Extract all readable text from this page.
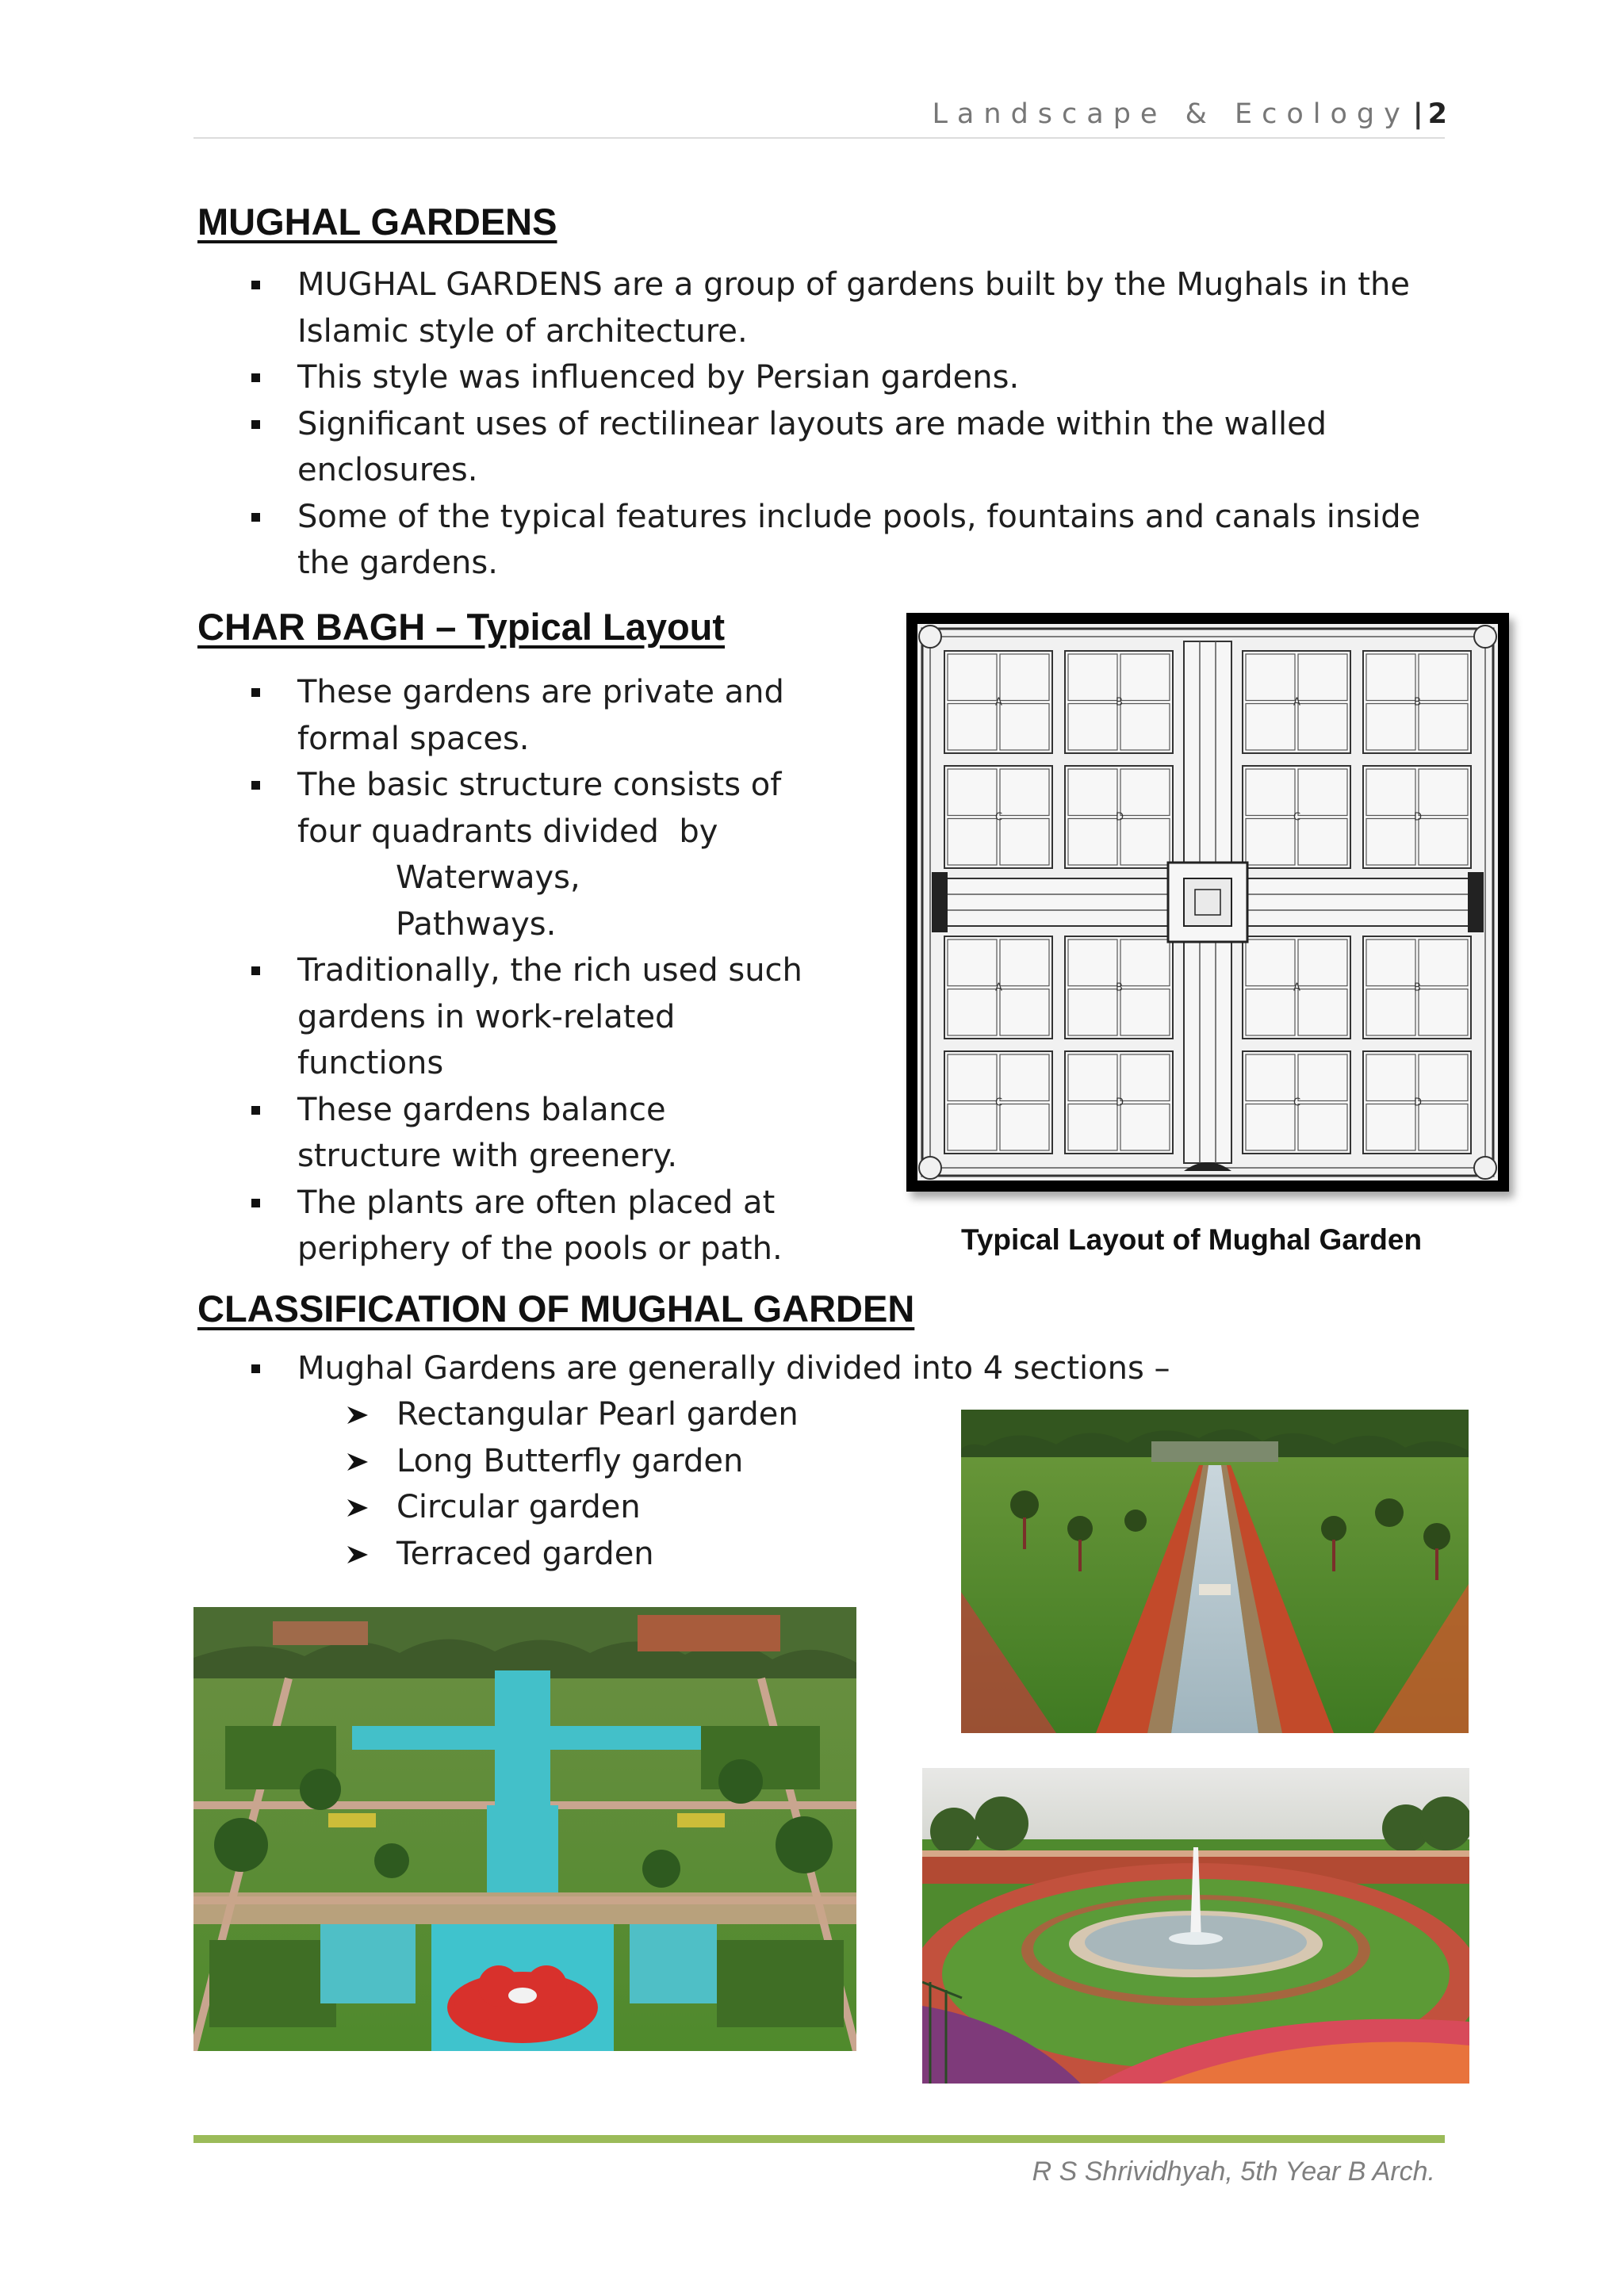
Landscape & Ecology | 2
MUGHAL GARDENS
MUGHAL GARDENS are a group of gardens built by the Mughals in the Islamic style of architecture.
This style was influenced by Persian gardens.
Significant uses of rectilinear layouts are made within the walled enclosures.
Some of the typical features include pools, fountains and canals inside the gardens.
CHAR BAGH – Typical Layout
These gardens are private and
formal spaces.
The basic structure consists of
four quadrants divided  by
Waterways,
Pathways.
Traditionally, the rich used such
gardens in work-related
functions
These gardens balance
structure with greenery.
The plants are often placed at
periphery of the pools or path.
A
C
B
D
A
C
B
D
A
C
B
D
A
C
B
D
Typical Layout of Mughal Garden
CLASSIFICATION OF MUGHAL GARDEN
Mughal Gardens are generally divided into 4 sections –
Rectangular Pearl garden
Long Butterfly garden
Circular garden
Terraced garden
R S Shrividhyah, 5th Year B Arch.
